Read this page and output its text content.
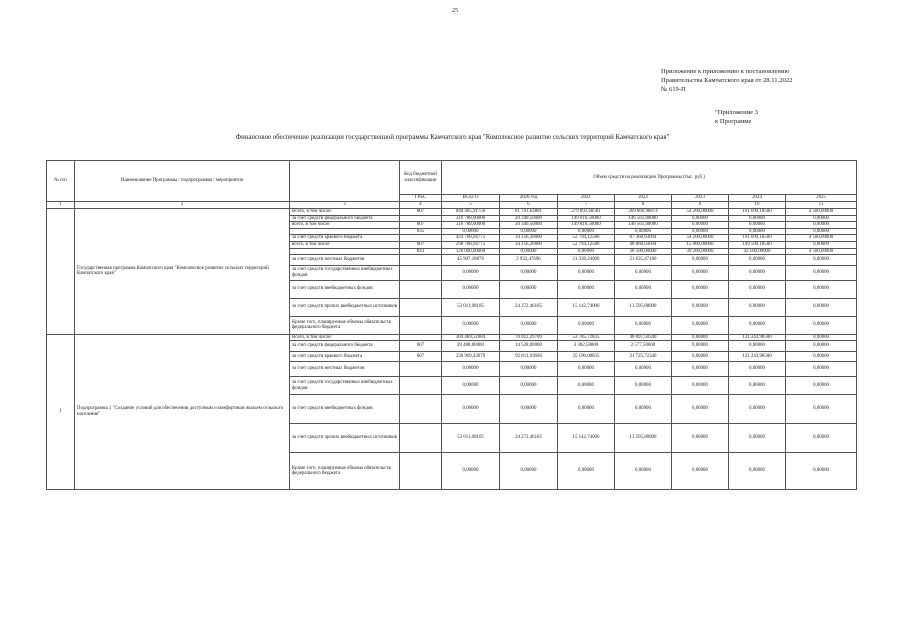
25
Приложение к приложению к постановлению
Правительства Камчатского края от 28.11.2022
№ 619-П
"Приложение 3
к Программе
Финансовое обеспечение реализации государственной программы Камчатского края "Комплексное развитие сельских территорий Камчатского края"
№ п/п	Наименование Программы / подпрограммы / мероприятия		Код бюджетной классификации	Объем средств на реализацию Программы (тыс. руб.)						
			ГРБС	ВСЕГО	2020 год	2021	2022	2023	2024	2025
1	2	3	4	5	6	7	8	9	10	11
	Государственная программа Камчатского края "Комплексное развитие сельских территорий Камчатского края"	Всего, в том числе:	807	840 405,91756	81 701,63801	279 892,60581	269 866,98874	54 200,00000	191 699,18500	4 500,00000
		за счет средств федерального бюджета		316 788,00000	20 340,50000	149 816,50000	146 561,00000	0,00000	0,00000	0,00000
		всего, в том числе	807	316 788,00000	20 340,50000	149 816,50000	146 561,00000	0,00000	0,00000	0,00000
			835	0,00000	0,00000	0,00000	0,00000	0,00000	0,00000	0,00000
		за счет средств краевого бюджета		424 708,94775	34 156,20000	52 794,12580	87 368,03694	54 200,00000	191 699,18500	4 500,00000
		всего, в том числе	807	298 708,94775	34 156,20000	52 794,12580	48 868,03694	15 000,00000	149 599,18500	0,00000
			843	126 000,00000	0,00000	0,00000	38 500,00000	39 200,00000	42 100,00000	4 500,00000
		за счет средств местных бюджетов		45 907,18876	2 932,47696	21 339,24000	21 635,47180	0,00000	0,00000	0,00000
		за счет средств государственных внебюджетных фондов		0,00000	0,00000	0,00000	0,00000	0,00000	0,00000	0,00000
		за счет средств внебюджетных фондов		0,00000	0,00000	0,00000	0,00000	0,00000	0,00000	0,00000
		за счет средств прочих внебюджетных источников		53 011,08105	24 272,46105	15 142,74000	13 595,88000	0,00000	0,00000	0,00000
		Кроме того, планируемые объемы обязательств федерального бюджета		0,00000	0,00000	0,00000	0,00000	0,00000	0,00000	0,00000
1	Подпрограмма 1 "Создание условий для обеспечения доступным и комфортным жильем сельского населения"	Всего, в том числе:		304 469,51884	70 012,29709	53 785,72835	48 897,50340	0,00000	131 243,98500	0,00000
		за счет средств федерального бюджета	807	20 488,00000	14 528,00000	3 382,50000	2 577,50000	0,00000	0,00000	0,00000
		за счет средств краевого бюджета	807	230 969,43079	92 811,03604	35 190,08835	31 725,72340	0,00000	131 243,98500	0,00000
		за счет средств местных бюджетов		0,00000	0,00000	0,00000	0,00000	0,00000	0,00000	0,00000
		за счет средств государственных внебюджетных фондов		0,00000	0,00000	0,00000	0,00000	0,00000	0,00000	0,00000
		за счет средств внебюджетных фондов		0,00000	0,00000	0,00000	0,00000	0,00000	0,00000	0,00000
		за счет средств прочих внебюджетных источников		53 011,08105	24 272,46105	15 142,74000	13 595,88000	0,00000	0,00000	0,00000
		Кроме того, планируемые объемы обязательств федерального бюджета		0,00000	0,00000	0,00000	0,00000	0,00000	0,00000	0,00000
